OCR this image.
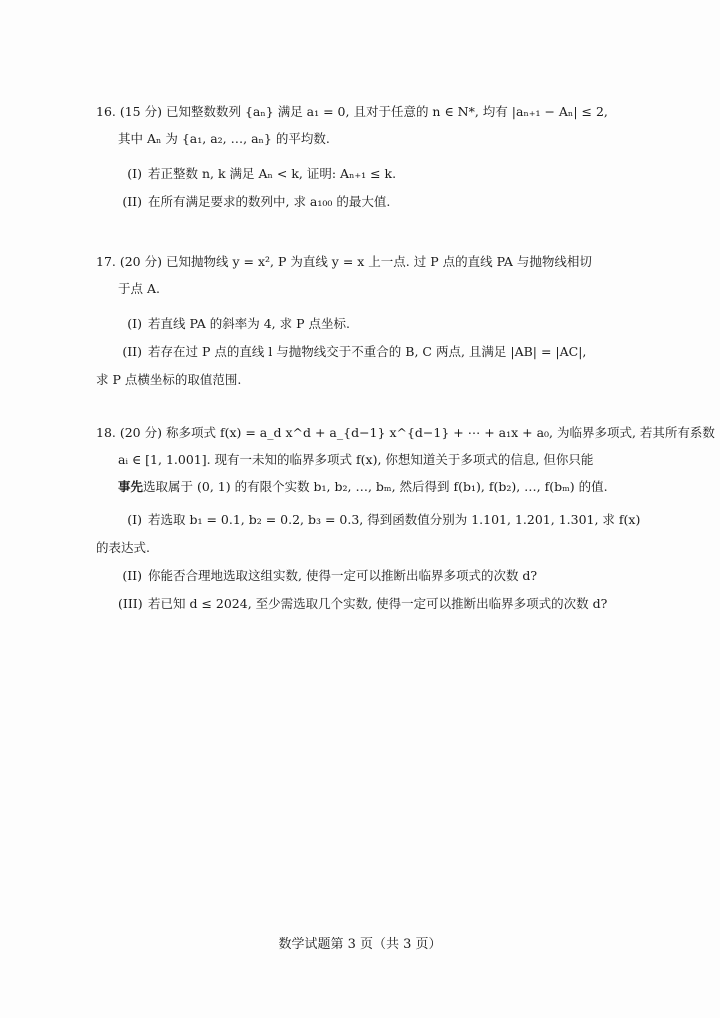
16. (15 分) 已知整数数列 {aₙ} 满足 a₁ = 0, 且对于任意的 n ∈ N*, 均有 |aₙ₊₁ − Aₙ| ≤ 2,
其中 Aₙ 为 {a₁, a₂, …, aₙ} 的平均数.
(I) 若正整数 n, k 满足 Aₙ < k, 证明: Aₙ₊₁ ≤ k.
(II) 在所有满足要求的数列中, 求 a₁₀₀ 的最大值.
17. (20 分) 已知抛物线 y = x², P 为直线 y = x 上一点. 过 P 点的直线 PA 与抛物线相切
于点 A.
(I) 若直线 PA 的斜率为 4, 求 P 点坐标.
(II) 若存在过 P 点的直线 l 与抛物线交于不重合的 B, C 两点, 且满足 |AB| = |AC|,
求 P 点横坐标的取值范围.
18. (20 分) 称多项式 f(x) = a_d x^d + a_{d−1} x^{d−1} + ⋯ + a₁x + a₀, 为临界多项式, 若其所有系数
aᵢ ∈ [1, 1.001]. 现有一未知的临界多项式 f(x), 你想知道关于多项式的信息, 但你只能
事先选取属于 (0, 1) 的有限个实数 b₁, b₂, …, bₘ, 然后得到 f(b₁), f(b₂), …, f(bₘ) 的值.
(I) 若选取 b₁ = 0.1, b₂ = 0.2, b₃ = 0.3, 得到函数值分别为 1.101, 1.201, 1.301, 求 f(x)
的表达式.
(II) 你能否合理地选取这组实数, 使得一定可以推断出临界多项式的次数 d?
(III) 若已知 d ≤ 2024, 至少需选取几个实数, 使得一定可以推断出临界多项式的次数 d?
数学试题第 3 页（共 3 页）
